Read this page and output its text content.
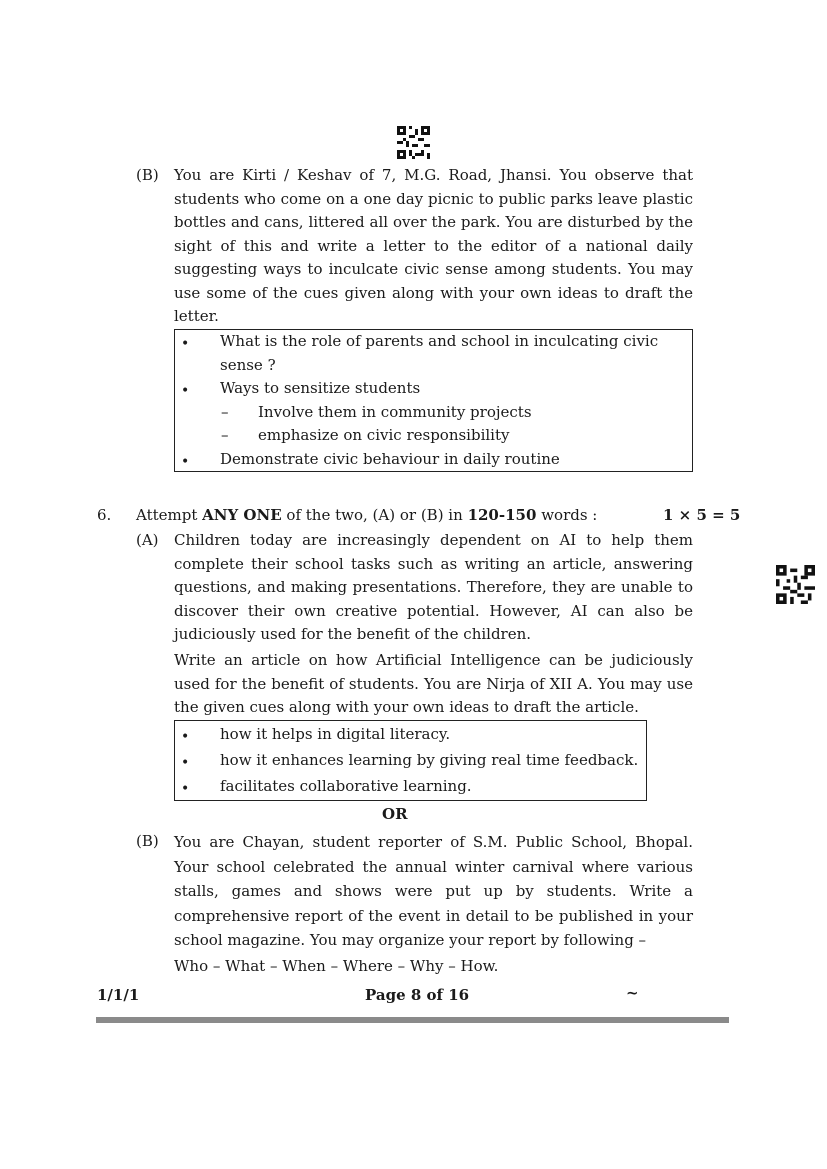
(B) You are Kirti / Keshav of 7, M.G. Road, Jhansi. You observe that students who come on a one day picnic to public parks leave plastic bottles and cans, littered all over the park. You are disturbed by the sight of this and write a letter to the editor of a national daily suggesting ways to inculcate civic sense among students. You may use some of the cues given along with your own ideas to draft the letter.

• What is the role of parents and school in inculcating civic
sense ?
• Ways to sensitize students
– Involve them in community projects
– emphasize on civic responsibility
• Demonstrate civic behaviour in daily routine
6. Attempt ANY ONE of the two, (A) or (B) in 120-150 words :	1 × 5 = 5
(A) Children today are increasingly dependent on AI to help them complete their school tasks such as writing an article, answering questions, and making presentations. Therefore, they are unable to discover their own creative potential. However, AI can also be judiciously used for the benefit of the children.

Write an article on how Artificial Intelligence can be judiciously used for the benefit of students. You are Nirja of XII A. You may use the given cues along with your own ideas to draft the article.

• how it helps in digital literacy.
• how it enhances learning by giving real time feedback.
• facilitates collaborative learning.
OR
(B) You are Chayan, student reporter of S.M. Public School, Bhopal. Your school celebrated the annual winter carnival where various stalls, games and shows were put up by students. Write a comprehensive report of the event in detail to be published in your school magazine. You may organize your report by following –

Who – What – When – Where – Why – How.
1/1/1	Page 8 of 16	~
